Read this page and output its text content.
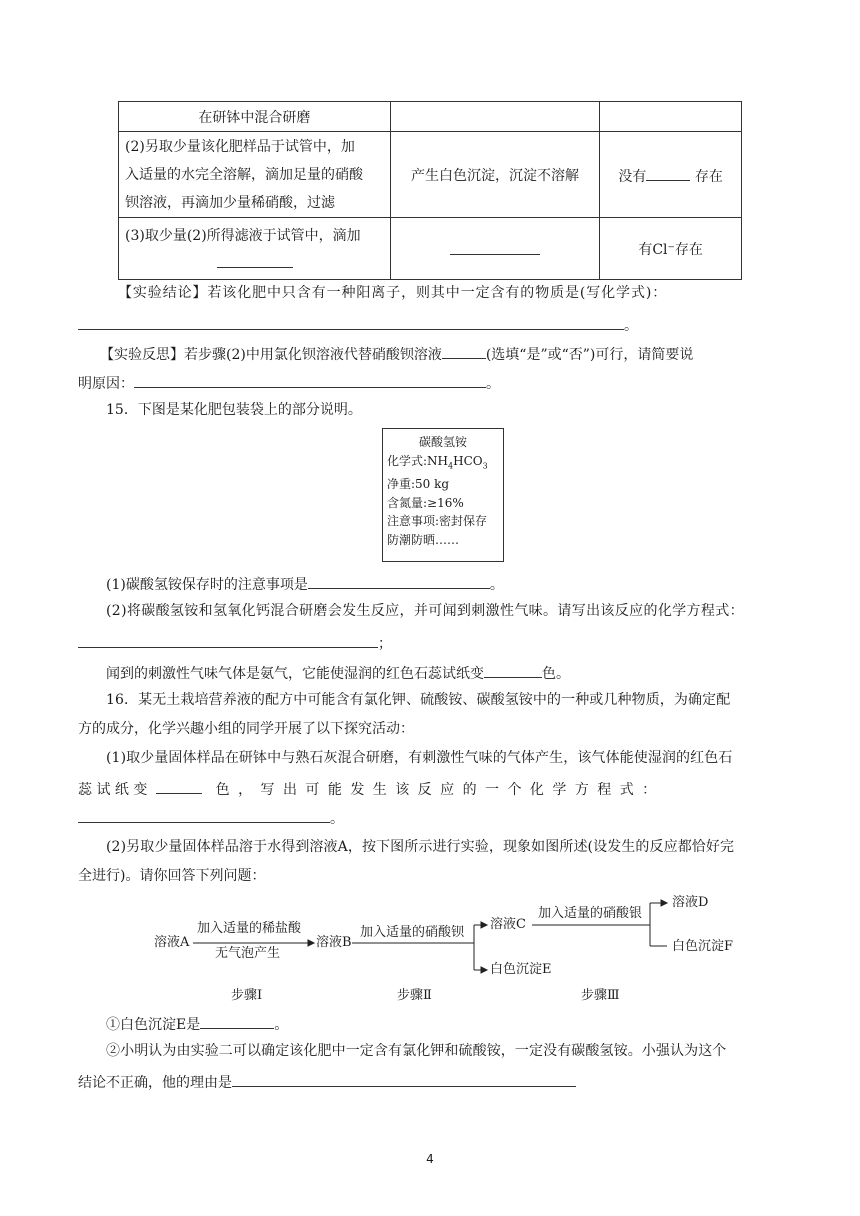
在研钵中混合研磨		

(2)另取少量该化肥样品于试管中，加
入适量的水完全溶解，滴加足量的硝酸
钡溶液，再滴加少量稀硝酸，过滤	产生白色沉淀，沉淀不溶解	没有 存在

(3)取少量(2)所得滤液于试管中，滴加		有Cl⁻存在
【实验结论】若该化肥中只含有一种阳离子，则其中一定含有的物质是(写化学式)：
。
【实验反思】若步骤(2)中用氯化钡溶液代替硝酸钡溶液	(选填“是”或“否”)可行，请简要说
明原因：	。
15．下图是某化肥包装袋上的部分说明。
碳酸氢铵
化学式$:NH_4HCO_3$
净重:50 kg
含氮量:≥16%
注意事项:密封保存
防潮防晒……
(1)碳酸氢铵保存时的注意事项是	。
(2)将碳酸氢铵和氢氧化钙混合研磨会发生反应，并可闻到刺激性气味。请写出该反应的化学方程式：
；
闻到的刺激性气味气体是氨气，它能使湿润的红色石蕊试纸变	色。
16．某无土栽培营养液的配方中可能含有氯化钾、硫酸铵、碳酸氢铵中的一种或几种物质，为确定配
方的成分，化学兴趣小组的同学开展了以下探究活动：
(1)取少量固体样品在研钵中与熟石灰混合研磨，有刺激性气味的气体产生，该气体能使湿润的红色石
蕊 试 纸 变	色 ， 写 出 可 能 发 生 该 反 应 的 一 个 化 学 方 程 式 ：
。
(2)另取少量固体样品溶于水得到溶液A，按下图所示进行实验，现象如图所述(设发生的反应都恰好完
全进行)。请你回答下列问题：
溶液A
加入适量的稀盐酸
无气泡产生
溶液B
加入适量的硝酸钡
溶液C
白色沉淀E
加入适量的硝酸银
溶液D
白色沉淀F
步骤Ⅰ	步骤Ⅱ	步骤Ⅲ
①白色沉淀E是	。
②小明认为由实验二可以确定该化肥中一定含有氯化钾和硫酸铵，一定没有碳酸氢铵。小强认为这个
结论不正确，他的理由是
4
